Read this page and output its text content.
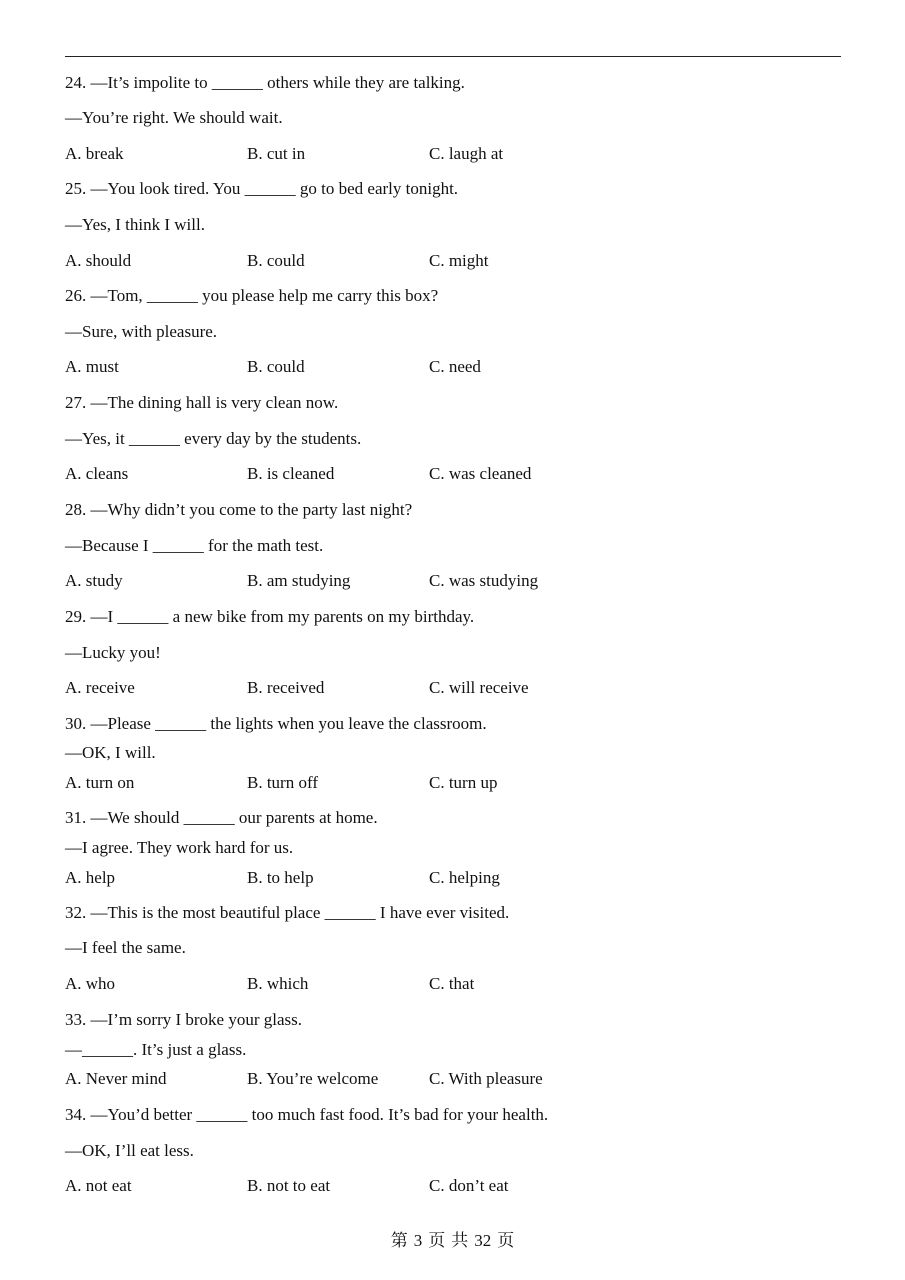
24. —It’s impolite to ______ others while they are talking.
—You’re right. We should wait.
A. break	B. cut in	C. laugh at
25. —You look tired. You ______ go to bed early tonight.
—Yes, I think I will.
A. should	B. could	C. might
26. —Tom, ______ you please help me carry this box?
—Sure, with pleasure.
A. must	B. could	C. need
27. —The dining hall is very clean now.
—Yes, it ______ every day by the students.
A. cleans	B. is cleaned	C. was cleaned
28. —Why didn’t you come to the party last night?
—Because I ______ for the math test.
A. study	B. am studying	C. was studying
29. —I ______ a new bike from my parents on my birthday.
—Lucky you!
A. receive	B. received	C. will receive
30. —Please ______ the lights when you leave the classroom.
—OK, I will.
A. turn on	B. turn off	C. turn up
31. —We should ______ our parents at home.
—I agree. They work hard for us.
A. help	B. to help	C. helping
32. —This is the most beautiful place ______ I have ever visited.
—I feel the same.
A. who	B. which	C. that
33. —I’m sorry I broke your glass.
—______. It’s just a glass.
A. Never mind	B. You’re welcome	C. With pleasure
34. —You’d better ______ too much fast food. It’s bad for your health.
—OK, I’ll eat less.
A. not eat	B. not to eat	C. don’t eat
第 3 页 共 32 页
